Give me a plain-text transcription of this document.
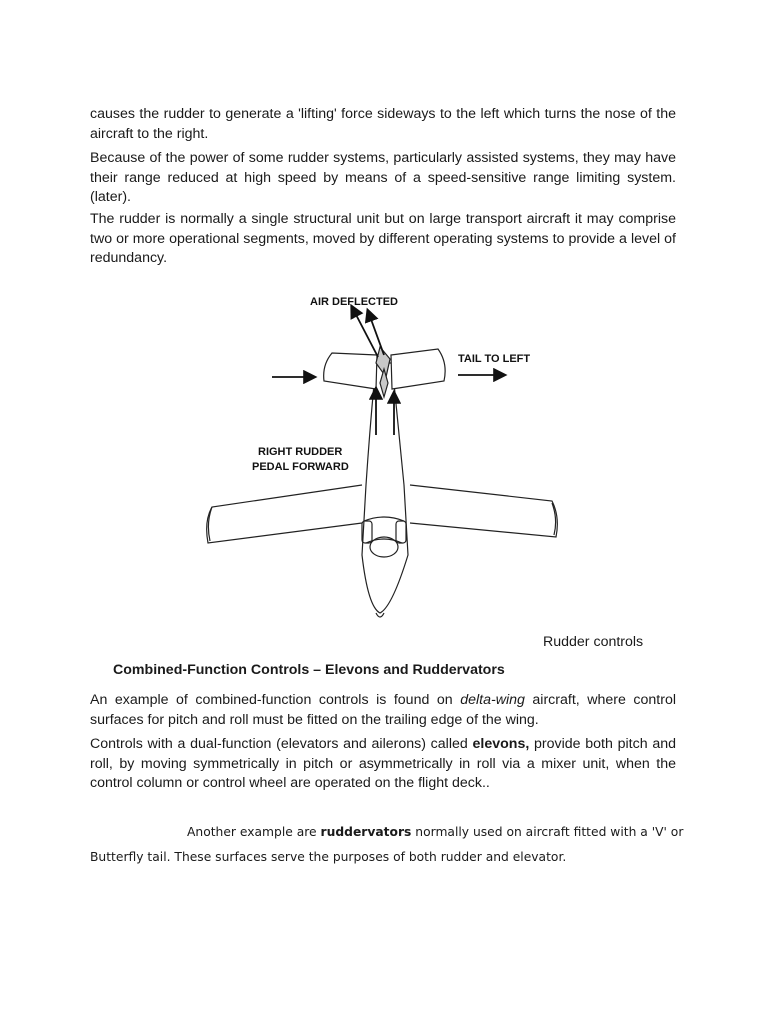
causes the rudder to generate a 'lifting' force sideways to the left which turns the nose of the aircraft to the right.

Because of the power of some rudder systems, particularly assisted systems, they may have their range reduced at high speed by means of a speed-sensitive range limiting system.(later).

The rudder is normally a single structural unit but on large transport aircraft it may comprise two or more operational segments, moved by different operating systems to provide a level of redundancy.

AIR DEFLECTED
TAIL TO LEFT
RIGHT RUDDER
PEDAL FORWARD
Rudder controls
Combined-Function Controls – Elevons and Ruddervators

An example of combined-function controls is found on delta-wing aircraft, where control surfaces for pitch and roll must be fitted on the trailing edge of the wing.

Controls with a dual-function (elevators and ailerons) called elevons, provide both pitch and roll, by moving symmetrically in pitch or asymmetrically in roll via a mixer unit, when the control column or control wheel are operated on the flight deck..

Another example are ruddervators normally used on aircraft fitted with a 'V' or Butterfly tail. These surfaces serve the purposes of both rudder and elevator.
